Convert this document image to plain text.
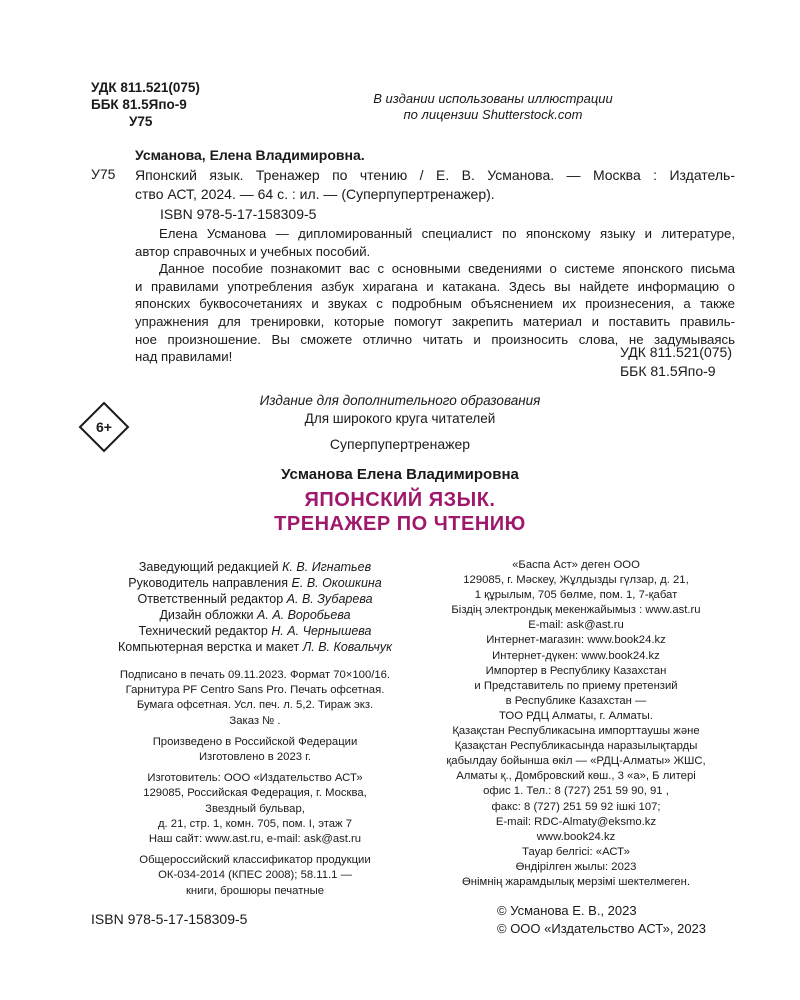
УДК 811.521(075)
ББК 81.5Япо-9
У75
В издании использованы иллюстрации
по лицензии Shutterstock.com
Усманова, Елена Владимировна.
У75 Японский язык. Тренажер по чтению / Е. В. Усманова. — Москва : Издатель-
ство АСТ, 2024. — 64 с. : ил. — (Суперпупертренажер).
ISBN 978-5-17-158309-5
Елена Усманова — дипломированный специалист по японскому языку и литературе,
автор справочных и учебных пособий.
Данное пособие познакомит вас с основными сведениями о системе японского письма
и правилами употребления азбук хирагана и катакана. Здесь вы найдете информацию о
японских буквосочетаниях и звуках с подробным объяснением их произнесения, а также
упражнения для тренировки, которые помогут закрепить материал и поставить правиль-
ное произношение. Вы сможете отлично читать и произносить слова, не задумываясь
над правилами!	УДК 811.521(075)
ББК 81.5Япо-9
6+
Издание для дополнительного образования
Для широкого круга читателей
Суперпупертренажер
Усманова Елена Владимировна
ЯПОНСКИЙ ЯЗЫК.
ТРЕНАЖЕР ПО ЧТЕНИЮ
Заведующий редакцией К. В. Игнатьев
Руководитель направления Е. В. Окошкина
Ответственный редактор А. В. Зубарева
Дизайн обложки А. А. Воробьева
Технический редактор Н. А. Чернышева
Компьютерная верстка и макет Л. В. Ковальчук
Подписано в печать 09.11.2023. Формат 70×100/16.
Гарнитура PF Centro Sans Pro. Печать офсетная.
Бумага офсетная. Усл. печ. л. 5,2. Тираж экз.
Заказ № .
Произведено в Российской Федерации
Изготовлено в 2023 г.
Изготовитель: ООО «Издательство АСТ»
129085, Российская Федерация, г. Москва,
Звездный бульвар,
д. 21, стр. 1, комн. 705, пом. I, этаж 7
Наш сайт: www.ast.ru, e-mail: ask@ast.ru
Общероссийский классификатор продукции
ОК-034-2014 (КПЕС 2008); 58.11.1 —
книги, брошюры печатные
«Баспа Аст» деген ООО
129085, г. Мәскеу, Жұлдызды гүлзар, д. 21,
1 құрылым, 705 бөлме, пом. 1, 7-қабат
Біздің электрондық мекенжайымыз : www.ast.ru
E-mail: ask@ast.ru
Интернет-магазин: www.book24.kz
Интернет-дүкен: www.book24.kz
Импортер в Республику Казахстан
и Представитель по приему претензий
в Республике Казахстан —
ТОО РДЦ Алматы, г. Алматы.
Қазақстан Республикасына импорттаушы және
Қазақстан Республикасында наразылықтарды
қабылдау бойынша өкіл — «РДЦ-Алматы» ЖШС,
Алматы қ., Домбровский көш., 3 «а», Б литері
офис 1. Тел.: 8 (727) 251 59 90, 91 ,
факс: 8 (727) 251 59 92 ішкі 107;
E-mail: RDC-Almaty@eksmo.kz
www.book24.kz
Тауар белгісі: «АСТ»
Өндірілген жылы: 2023
Өнімнің жарамдылық мерзімі шектелмеген.
ISBN 978-5-17-158309-5
© Усманова Е. В., 2023
© ООО «Издательство АСТ», 2023
